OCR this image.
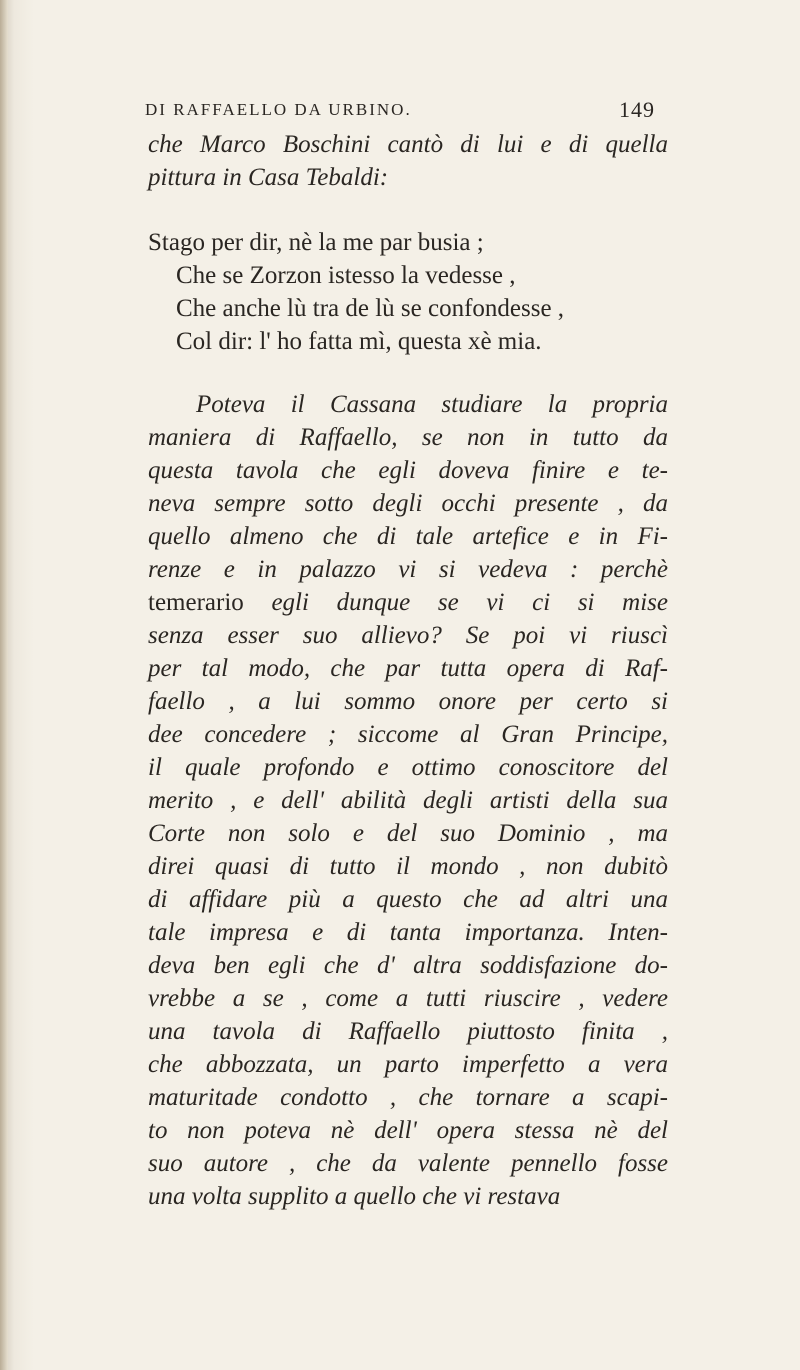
DI RAFFAELLO DA URBINO.	149
che Marco Boschini cantò di lui e di quella
pittura in Casa Tebaldi:
Stago per dir, nè la me par busia ;
Che se Zorzon istesso la vedesse ,
Che anche lù tra de lù se confondesse ,
Col dir: l' ho fatta mì, questa xè mia.
Poteva il Cassana studiare la propria
maniera di Raffaello, se non in tutto da
questa tavola che egli doveva finire e te-
neva sempre sotto degli occhi presente , da
quello almeno che di tale artefice e in Fi-
renze e in palazzo vi si vedeva : perchè
temerario egli dunque se vi ci si mise
senza esser suo allievo? Se poi vi riuscì
per tal modo, che par tutta opera di Raf-
faello , a lui sommo onore per certo si
dee concedere ; siccome al Gran Principe,
il quale profondo e ottimo conoscitore del
merito , e dell' abilità degli artisti della sua
Corte non solo e del suo Dominio , ma
direi quasi di tutto il mondo , non dubitò
di affidare più a questo che ad altri una
tale impresa e di tanta importanza. Inten-
deva ben egli che d' altra soddisfazione do-
vrebbe a se , come a tutti riuscire , vedere
una tavola di Raffaello piuttosto finita ,
che abbozzata, un parto imperfetto a vera
maturitade condotto , che tornare a scapi-
to non poteva nè dell' opera stessa nè del
suo autore , che da valente pennello fosse
una volta supplito a quello che vi restava
